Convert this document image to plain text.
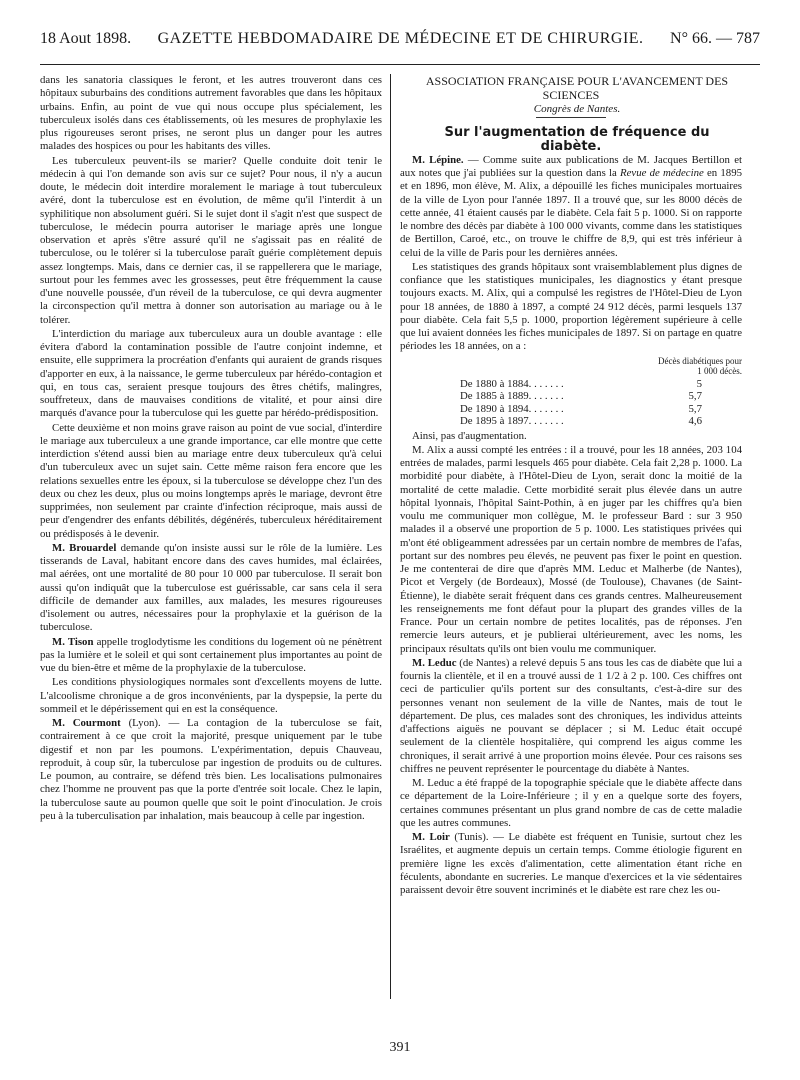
18 Aout 1898. GAZETTE HEBDOMADAIRE DE MÉDECINE ET DE CHIRURGIE. N° 66. — 787

dans les sanatoria classiques le feront, et les autres trouveront dans ces hôpitaux suburbains des conditions autrement favorables que dans les hôpitaux urbains. Enfin, au point de vue qui nous occupe plus spécialement, les tuberculeux isolés dans ces établissements, où les mesures de prophylaxie les plus rigoureuses seront prises, ne seront plus un danger pour les autres malades des hospices ou pour les habitants des villes.

Les tuberculeux peuvent-ils se marier? Quelle conduite doit tenir le médecin à qui l'on demande son avis sur ce sujet? Pour nous, il n'y a aucun doute, le médecin doit interdire moralement le mariage à tout tuberculeux avéré, dont la tuberculose est en évolution, de même qu'il l'interdit à un syphilitique non absolument guéri. Si le sujet dont il s'agit n'est que suspect de tuberculose, le médecin pourra autoriser le mariage après une longue observation et après s'être assuré qu'il ne s'agissait pas en réalité de tuberculose, ou le tolérer si la tuberculose paraît guérie complètement depuis assez longtemps. Mais, dans ce dernier cas, il se rappellerera que le mariage, surtout pour les femmes avec les grossesses, peut être fréquemment la cause d'une nouvelle poussée, d'un réveil de la tuberculose, ce qui devra augmenter la circonspection qu'il mettra à donner son autorisation au mariage ou à le tolérer.

L'interdiction du mariage aux tuberculeux aura un double avantage : elle évitera d'abord la contamination possible de l'autre conjoint indemne, et ensuite, elle supprimera la procréation d'enfants qui auraient de grands risques d'apporter en eux, à la naissance, le germe tuberculeux par hérédo-contagion et qui, en tous cas, seraient presque toujours des êtres chétifs, malingres, souffreteux, dans de mauvaises conditions de vitalité, et pour ainsi dire marqués d'avance pour la tuberculose qui les guette par hérédo-prédisposition.

Cette deuxième et non moins grave raison au point de vue social, d'interdire le mariage aux tuberculeux a une grande importance, car elle montre que cette interdiction s'étend aussi bien au mariage entre deux tuberculeux qu'à celui d'un tuberculeux avec un sujet sain. Cette même raison fera encore que les relations sexuelles entre les époux, si la tuberculose se développe chez l'un des deux ou chez les deux, plus ou moins longtemps après le mariage, devront être supprimées, non seulement par crainte d'infection réciproque, mais aussi de peur d'engendrer des enfants débilités, dégénérés, tuberculeux héréditairement ou prédisposés à le devenir.

M. Brouardel demande qu'on insiste aussi sur le rôle de la lumière. Les tisserands de Laval, habitant encore dans des caves humides, mal éclairées, mal aérées, ont une mortalité de 80 pour 10 000 par tuberculose. Il serait bon aussi qu'on indiquât que la tuberculose est guérissable, car sans cela il sera difficile de demander aux familles, aux malades, les mesures rigoureuses d'isolement ou autres, nécessaires pour la prophylaxie et la guérison de la tuberculose.

M. Tison appelle troglodytisme les conditions du logement où ne pénètrent pas la lumière et le soleil et qui sont certainement plus importantes au point de vue du bien-être et même de la prophylaxie de la tuberculose.

Les conditions physiologiques normales sont d'excellents moyens de lutte. L'alcoolisme chronique a de gros inconvénients, par la dyspepsie, la perte du sommeil et le dépérissement qui en est la conséquence.

M. Courmont (Lyon). — La contagion de la tuberculose se fait, contrairement à ce que croit la majorité, presque uniquement par le tube digestif et non par les poumons. L'expérimentation, depuis Chauveau, reproduit, à coup sûr, la tuberculose par ingestion de produits ou de cultures. Le poumon, au contraire, se défend très bien. Les localisations pulmonaires chez l'homme ne prouvent pas que la porte d'entrée soit locale. Chez le lapin, la tuberculose saute au poumon quelle que soit le point d'inoculation. Je crois peu à la tuberculisation par inhalation, mais beaucoup à celle par ingestion.

ASSOCIATION FRANÇAISE POUR L'AVANCEMENT DES SCIENCES

Congrès de Nantes.

Sur l'augmentation de fréquence du diabète.

M. Lépine. — Comme suite aux publications de M. Jacques Bertillon et aux notes que j'ai publiées sur la question dans la Revue de médecine en 1895 et en 1896, mon élève, M. Alix, a dépouillé les fiches municipales mortuaires de la ville de Lyon pour l'année 1897. Il a trouvé que, sur les 8000 décès de cette année, 41 étaient causés par le diabète. Cela fait 5 p. 1000. Si on rapporte le nombre des décès par diabète à 100 000 vivants, comme dans les statistiques de Bertillon, Caroé, etc., on trouve le chiffre de 8,9, qui est très inférieur à celui de la ville de Paris pour les dernières années.

Les statistiques des grands hôpitaux sont vraisemblablement plus dignes de confiance que les statistiques municipales, les diagnostics y étant presque toujours exacts. M. Alix, qui a compulsé les registres de l'Hôtel-Dieu de Lyon pour 18 années, de 1880 à 1897, a compté 24 912 décès, parmi lesquels 137 pour diabète. Cela fait 5,5 p. 1000, proportion légèrement supérieure à celle que lui avaient données les fiches municipales de 1897. Si on partage en quatre périodes les 18 années, on a :

Décès diabétiques pour
1 000 décès.
De 1880 à 1884. . . . . . .	5
De 1885 à 1889. . . . . . .	5,7
De 1890 à 1894. . . . . . .	5,7
De 1895 à 1897. . . . . . .	4,6

Ainsi, pas d'augmentation.

M. Alix a aussi compté les entrées : il a trouvé, pour les 18 années, 203 104 entrées de malades, parmi lesquels 465 pour diabète. Cela fait 2,28 p. 1000. La morbidité pour diabète, à l'Hôtel-Dieu de Lyon, serait donc la moitié de la mortalité de cette maladie. Cette morbidité serait plus élevée dans un autre hôpital lyonnais, l'hôpital Saint-Pothin, à en juger par les chiffres qu'a bien voulu me communiquer mon collègue, M. le professeur Bard : sur 3 950 malades il a observé une proportion de 5 p. 1000. Les statistiques privées qui m'ont été obligeamment adressées par un certain nombre de membres de l'afas, portant sur des nombres peu élevés, ne peuvent pas fixer le point en question. Je me contenterai de dire que d'après MM. Leduc et Malherbe (de Nantes), Picot et Vergely (de Bordeaux), Mossé (de Toulouse), Chavanes (de Saint-Étienne), le diabète serait fréquent dans ces grands centres. Malheureusement les renseignements me font défaut pour la plupart des grandes villes de la France. Pour un certain nombre de petites localités, pas de réponses. J'en remercie leurs auteurs, et je publierai ultérieurement, avec les noms, les principaux résultats qu'ils ont bien voulu me communiquer.

M. Leduc (de Nantes) a relevé depuis 5 ans tous les cas de diabète que lui a fournis la clientèle, et il en a trouvé aussi de 1 1/2 à 2 p. 100. Ces chiffres ont ceci de particulier qu'ils portent sur des consultants, c'est-à-dire sur des personnes venant non seulement de la ville de Nantes, mais de tout le département. De plus, ces malades sont des chroniques, les individus atteints d'affections aiguës ne pouvant se déplacer ; si M. Leduc était occupé seulement de la clientèle hospitalière, qui comprend les aigus comme les chroniques, il serait arrivé à une proportion moins élevée. Pour ces raisons ses chiffres ne peuvent représenter le pourcentage du diabète à Nantes.

M. Leduc a été frappé de la topographie spéciale que le diabète affecte dans ce département de la Loire-Inférieure ; il y en a quelque sorte des foyers, certaines communes présentant un plus grand nombre de cas de cette maladie que les autres communes.

M. Loir (Tunis). — Le diabète est fréquent en Tunisie, surtout chez les Israélites, et augmente depuis un certain temps. Comme étiologie figurent en première ligne les excès d'alimentation, cette alimentation étant riche en féculents, abondante en sucreries. Le manque d'exercices et la vie sédentaires paraissent devoir être souvent incriminés et le diabète est rare chez les ou-

391
